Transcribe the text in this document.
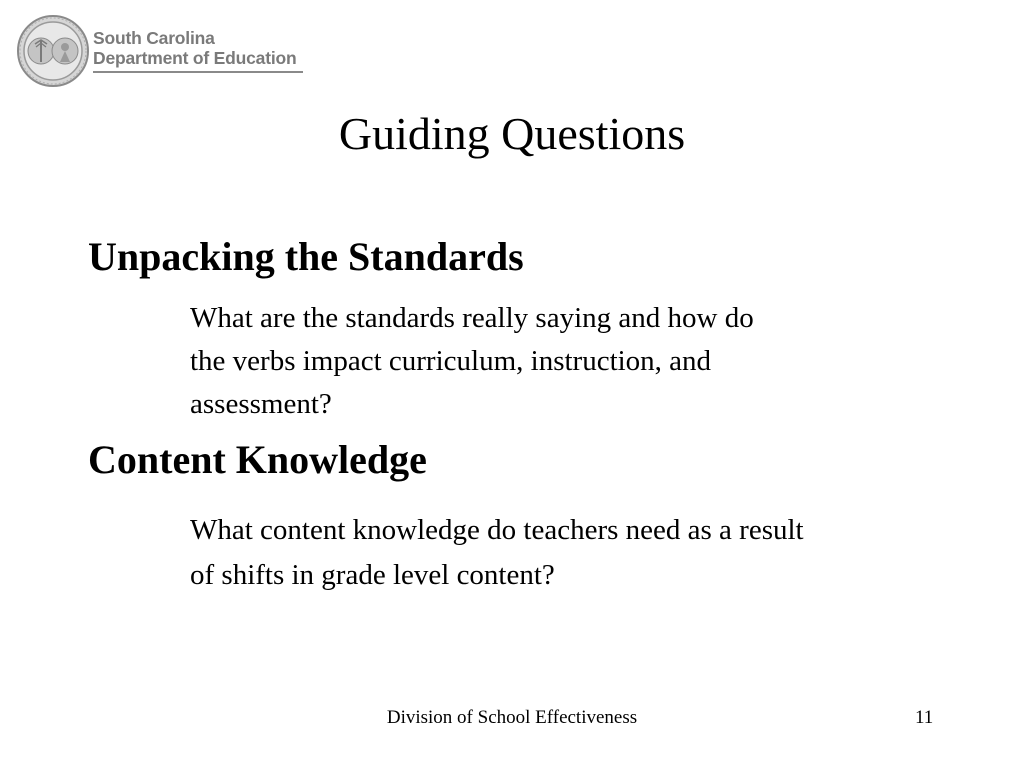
South Carolina
Department of Education
Guiding Questions
Unpacking the Standards
What are the standards really saying and how do
the verbs impact curriculum, instruction, and
assessment?
Content Knowledge
What content knowledge do teachers need as a result
of shifts in grade level content?
Division of School Effectiveness	11
